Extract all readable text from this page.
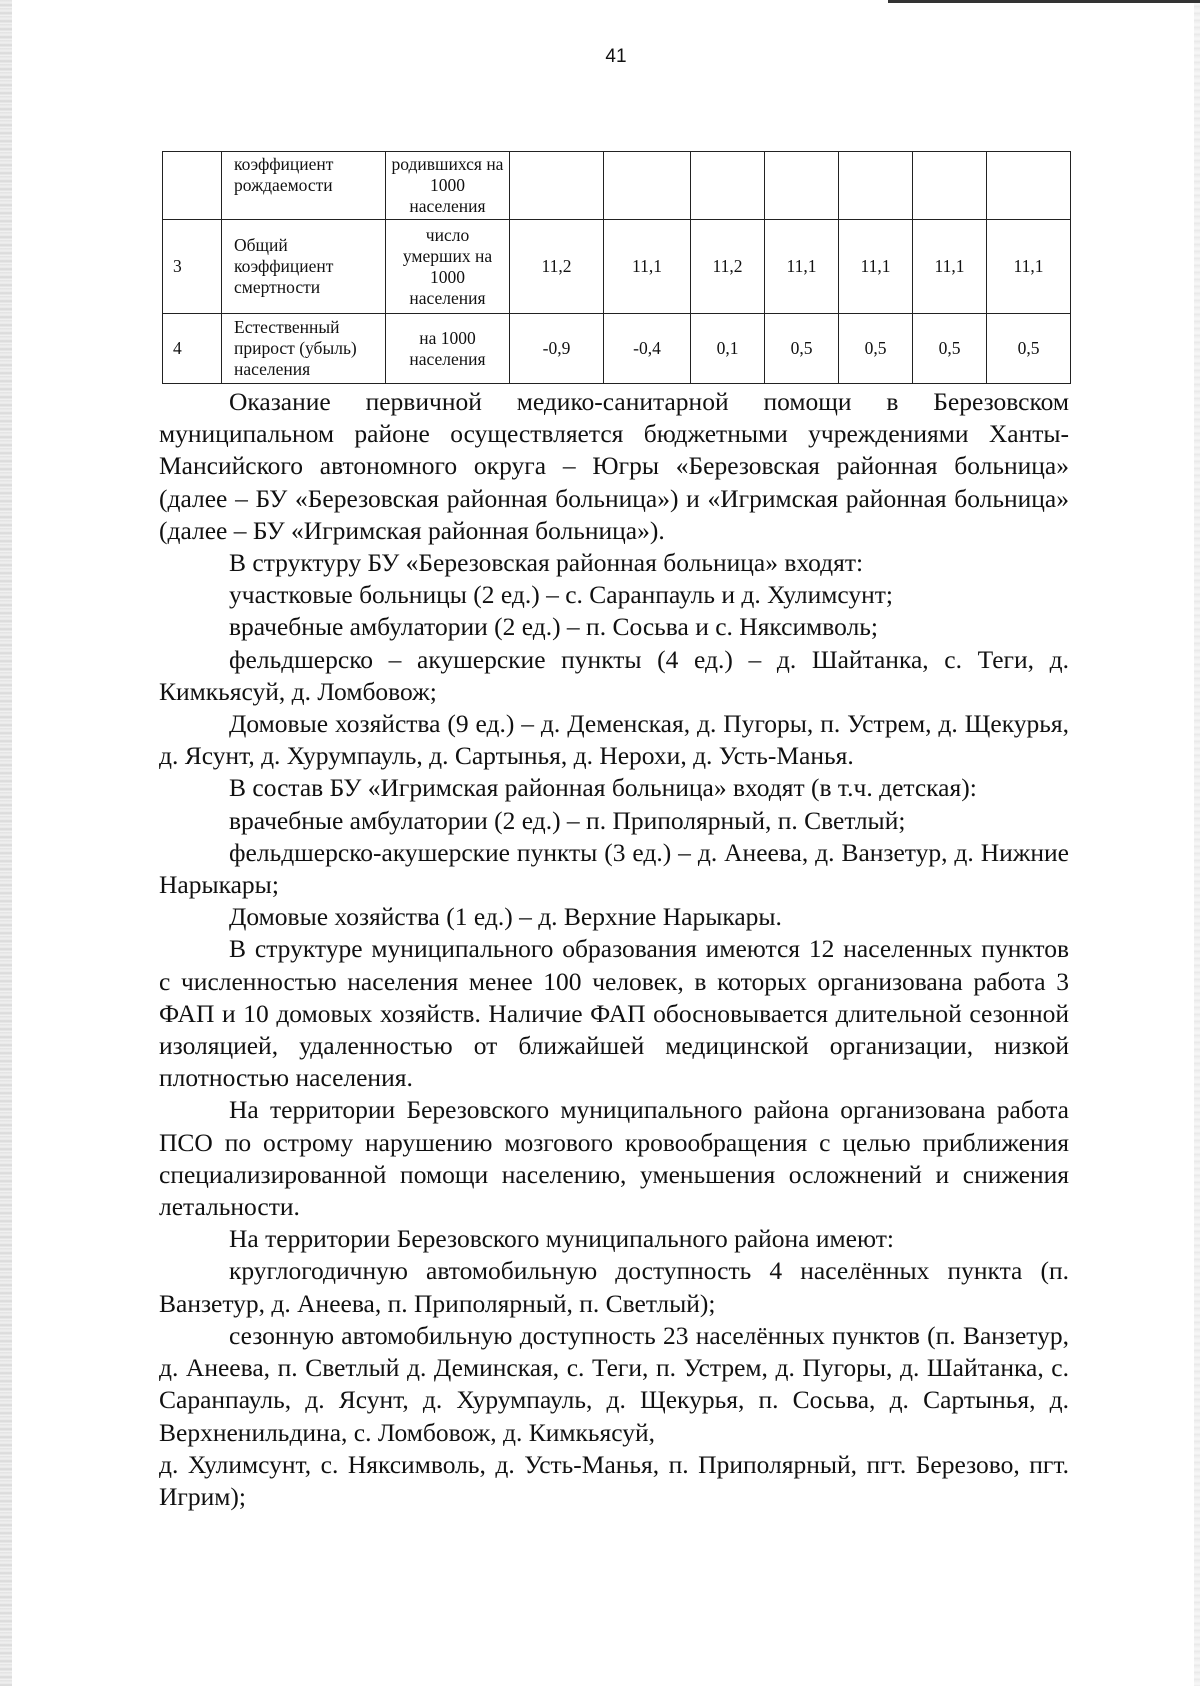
41
	коэффициент рождаемости	родившихся на 1000 населения							
3	Общий коэффициент смертности	число умерших на 1000 населения	11,2	11,1	11,2	11,1	11,1	11,1	11,1
4	Естественный прирост (убыль) населения	на 1000 населения	-0,9	-0,4	0,1	0,5	0,5	0,5	0,5

Оказание первичной медико-санитарной помощи в Березовском муниципальном районе осуществляется бюджетными учреждениями Ханты-Мансийского автономного округа – Югры «Березовская районная больница» (далее – БУ «Березовская районная больница») и «Игримская районная больница» (далее – БУ «Игримская районная больница»).

В структуру БУ «Березовская районная больница» входят:

участковые больницы (2 ед.) – с. Саранпауль и д. Хулимсунт;

врачебные амбулатории (2 ед.) – п. Сосьва и с. Няксимволь;

фельдшерско – акушерские пункты (4 ед.) – д. Шайтанка, с. Теги, д. Кимкьясуй, д. Ломбовож;

Домовые хозяйства (9 ед.) – д. Деменская, д. Пугоры, п. Устрем, д. Щекурья, д. Ясунт, д. Хурумпауль, д. Сартынья, д. Нерохи, д. Усть-Манья.

В состав БУ «Игримская районная больница» входят (в т.ч. детская):

врачебные амбулатории (2 ед.) – п. Приполярный, п. Светлый;

фельдшерско-акушерские пункты (3 ед.) – д. Анеева, д. Ванзетур, д. Нижние Нарыкары;

Домовые хозяйства (1 ед.) – д. Верхние Нарыкары.

В структуре муниципального образования имеются 12 населенных пунктов с численностью населения менее 100 человек, в которых организована работа 3 ФАП и 10 домовых хозяйств. Наличие ФАП обосновывается длительной сезонной изоляцией, удаленностью от ближайшей медицинской организации, низкой плотностью населения.

На территории Березовского муниципального района организована работа ПСО по острому нарушению мозгового кровообращения с целью приближения специализированной помощи населению, уменьшения осложнений и снижения летальности.

На территории Березовского муниципального района имеют:

круглогодичную автомобильную доступность 4 населённых пункта (п. Ванзетур, д. Анеева, п. Приполярный, п. Светлый);

сезонную автомобильную доступность 23 населённых пунктов (п. Ванзетур, д. Анеева, п. Светлый д. Деминская, с. Теги, п. Устрем, д. Пугоры, д. Шайтанка, с. Саранпауль, д. Ясунт, д. Хурумпауль, д. Щекурья, п. Сосьва, д. Сартынья, д. Верхненильдина, с. Ломбовож, д. Кимкьясуй,

д. Хулимсунт, с. Няксимволь, д. Усть-Манья, п. Приполярный, пгт. Березово, пгт. Игрим);
